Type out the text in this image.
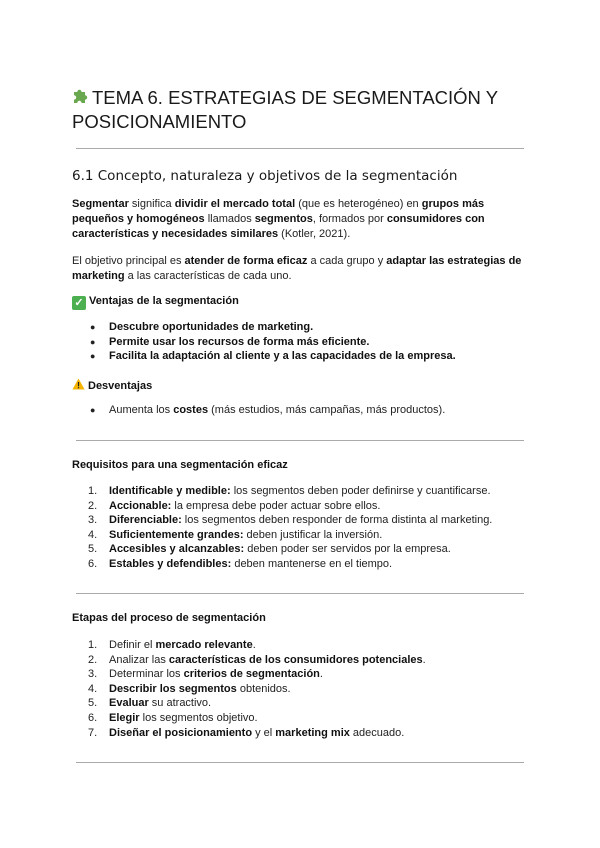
TEMA 6. ESTRATEGIAS DE SEGMENTACIÓN Y POSICIONAMIENTO
6.1 Concepto, naturaleza y objetivos de la segmentación

Segmentar significa dividir el mercado total (que es heterogéneo) en grupos más pequeños y homogéneos llamados segmentos, formados por consumidores con características y necesidades similares (Kotler, 2021).

El objetivo principal es atender de forma eficaz a cada grupo y adaptar las estrategias de marketing a las características de cada uno.

✓ Ventajas de la segmentación
● Descubre oportunidades de marketing.
● Permite usar los recursos de forma más eficiente.
● Facilita la adaptación al cliente y a las capacidades de la empresa.
Desventajas
● Aumenta los costes (más estudios, más campañas, más productos).
Requisitos para una segmentación eficaz
1.	Identificable y medible: los segmentos deben poder definirse y cuantificarse.
2.	Accionable: la empresa debe poder actuar sobre ellos.
3.	Diferenciable: los segmentos deben responder de forma distinta al marketing.
4.	Suficientemente grandes: deben justificar la inversión.
5.	Accesibles y alcanzables: deben poder ser servidos por la empresa.
6.	Estables y defendibles: deben mantenerse en el tiempo.
Etapas del proceso de segmentación
1.	Definir el mercado relevante.
2.	Analizar las características de los consumidores potenciales.
3.	Determinar los criterios de segmentación.
4.	Describir los segmentos obtenidos.
5.	Evaluar su atractivo.
6.	Elegir los segmentos objetivo.
7.	Diseñar el posicionamiento y el marketing mix adecuado.
